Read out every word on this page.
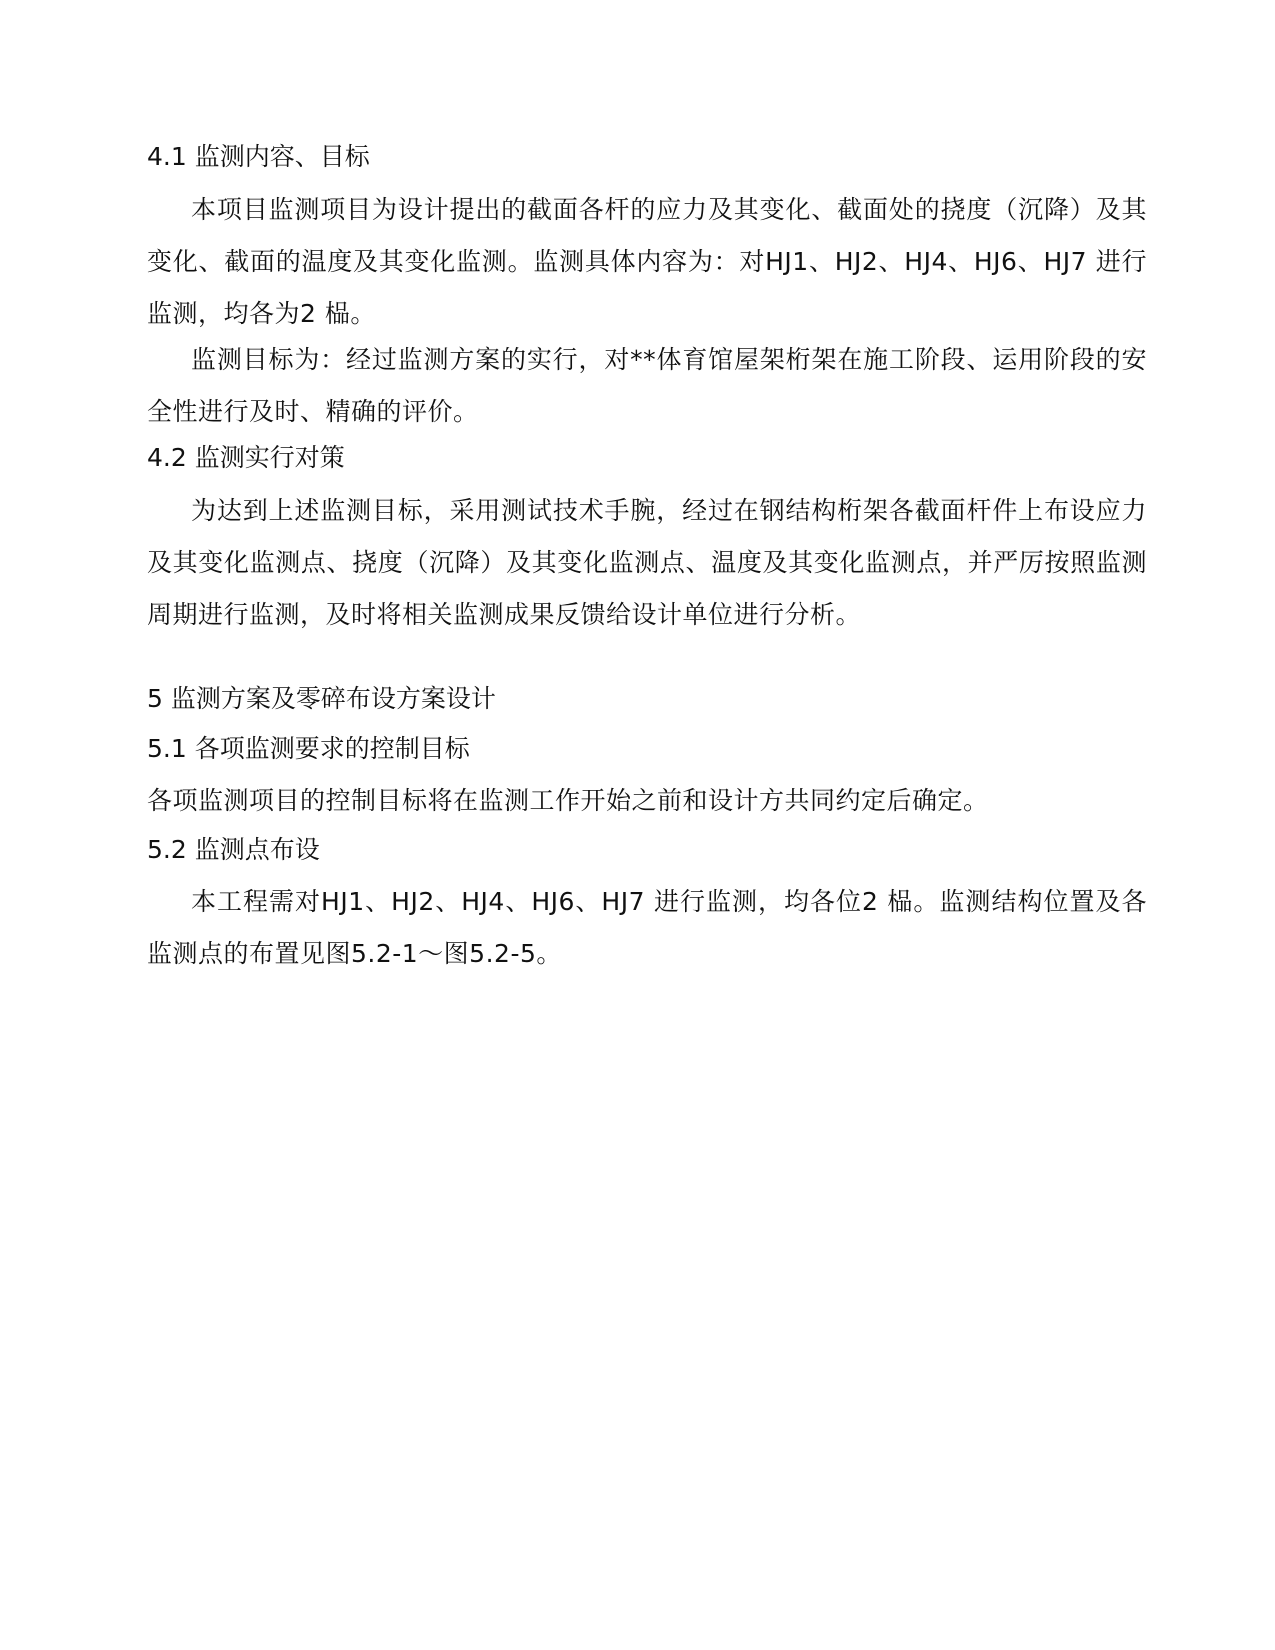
4.1 监测内容、目标

本项目监测项目为设计提出的截面各杆的应力及其变化、截面处的挠度（沉降）及其变化、截面的温度及其变化监测。监测具体内容为：对HJ1、HJ2、HJ4、HJ6、HJ7 进行监测，均各为2 榀。

监测目标为：经过监测方案的实行，对**体育馆屋架桁架在施工阶段、运用阶段的安全性进行及时、精确的评价。

4.2 监测实行对策

为达到上述监测目标，采用测试技术手腕，经过在钢结构桁架各截面杆件上布设应力及其变化监测点、挠度（沉降）及其变化监测点、温度及其变化监测点，并严厉按照监测周期进行监测，及时将相关监测成果反馈给设计单位进行分析。

5 监测方案及零碎布设方案设计

5.1 各项监测要求的控制目标

各项监测项目的控制目标将在监测工作开始之前和设计方共同约定后确定。

5.2 监测点布设

本工程需对HJ1、HJ2、HJ4、HJ6、HJ7 进行监测，均各位2 榀。监测结构位置及各监测点的布置见图5.2-1～图5.2-5。
